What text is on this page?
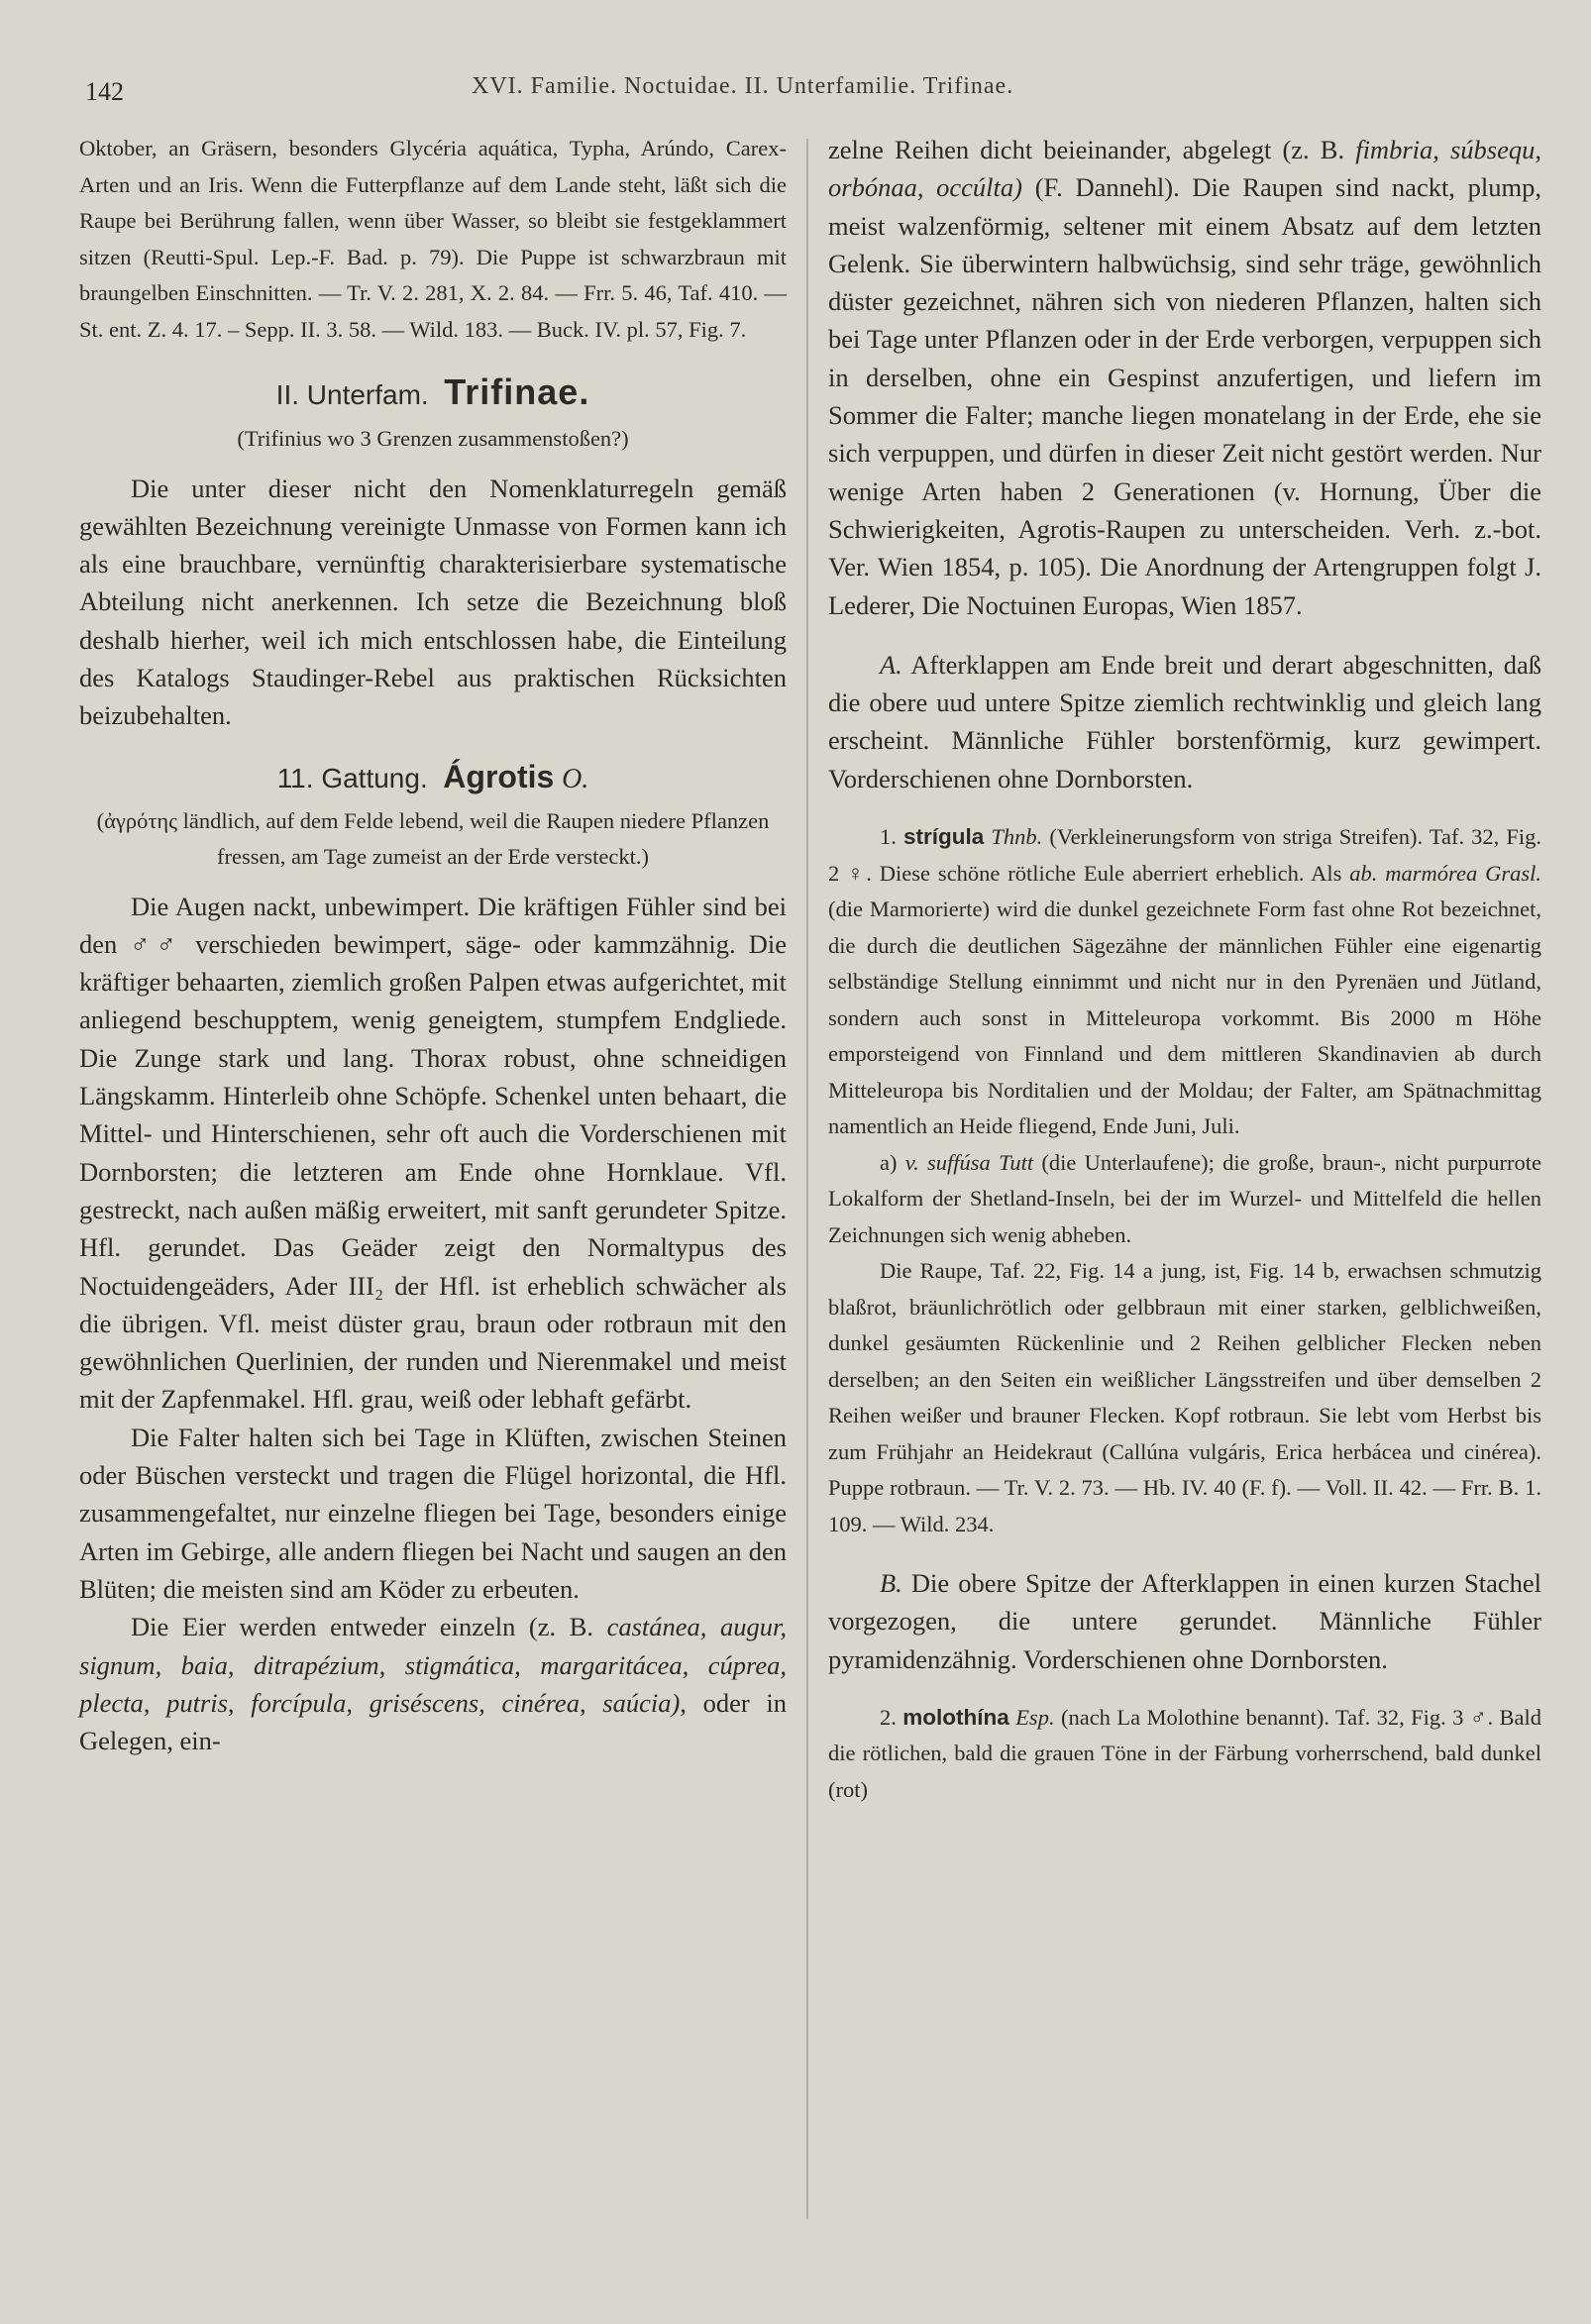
142	XVI. Familie. Noctuidae. II. Unterfamilie. Trifinae.

Oktober, an Gräsern, besonders Glycéria aquática, Typha, Arúndo, Carex-Arten und an Iris. Wenn die Futterpflanze auf dem Lande steht, läßt sich die Raupe bei Berührung fallen, wenn über Wasser, so bleibt sie festgeklammert sitzen (Reutti-Spul. Lep.-F. Bad. p. 79). Die Puppe ist schwarzbraun mit braungelben Einschnitten. — Tr. V. 2. 281, X. 2. 84. — Frr. 5. 46, Taf. 410. — St. ent. Z. 4. 17. – Sepp. II. 3. 58. — Wild. 183. — Buck. IV. pl. 57, Fig. 7.

II. Unterfam. Trifinae.

(Trifinius wo 3 Grenzen zusammenstoßen?)

Die unter dieser nicht den Nomenklaturregeln gemäß gewählten Bezeichnung vereinigte Unmasse von Formen kann ich als eine brauchbare, vernünftig charakterisierbare systematische Abteilung nicht anerkennen. Ich setze die Bezeichnung bloß deshalb hierher, weil ich mich entschlossen habe, die Einteilung des Katalogs Staudinger-Rebel aus praktischen Rücksichten beizubehalten.

11. Gattung. Ágrotis O.

(ἀγρότης ländlich, auf dem Felde lebend, weil die Raupen niedere Pflanzen fressen, am Tage zumeist an der Erde versteckt.)

Die Augen nackt, unbewimpert. Die kräftigen Fühler sind bei den ♂♂ verschieden bewimpert, säge- oder kammzähnig. Die kräftiger behaarten, ziemlich großen Palpen etwas aufgerichtet, mit anliegend beschupptem, wenig geneigtem, stumpfem Endgliede. Die Zunge stark und lang. Thorax robust, ohne schneidigen Längskamm. Hinterleib ohne Schöpfe. Schenkel unten behaart, die Mittel- und Hinterschienen, sehr oft auch die Vorderschienen mit Dornborsten; die letzteren am Ende ohne Hornklaue. Vfl. gestreckt, nach außen mäßig erweitert, mit sanft gerundeter Spitze. Hfl. gerundet. Das Geäder zeigt den Normaltypus des Noctuidengeäders, Ader III₂ der Hfl. ist erheblich schwächer als die übrigen. Vfl. meist düster grau, braun oder rotbraun mit den gewöhnlichen Querlinien, der runden und Nierenmakel und meist mit der Zapfenmakel. Hfl. grau, weiß oder lebhaft gefärbt.

Die Falter halten sich bei Tage in Klüften, zwischen Steinen oder Büschen versteckt und tragen die Flügel horizontal, die Hfl. zusammengefaltet, nur einzelne fliegen bei Tage, besonders einige Arten im Gebirge, alle andern fliegen bei Nacht und saugen an den Blüten; die meisten sind am Köder zu erbeuten.

Die Eier werden entweder einzeln (z. B. castánea, augur, signum, baia, ditrapézium, stigmática, margaritácea, cúprea, plecta, putris, forcípula, griséscens, cinérea, saúcia), oder in Gelegen, ein-

zelne Reihen dicht beieinander, abgelegt (z. B. fimbria, súbsequ, orbónaa, occúlta) (F. Dannehl). Die Raupen sind nackt, plump, meist walzenförmig, seltener mit einem Absatz auf dem letzten Gelenk. Sie überwintern halbwüchsig, sind sehr träge, gewöhnlich düster gezeichnet, nähren sich von niederen Pflanzen, halten sich bei Tage unter Pflanzen oder in der Erde verborgen, verpuppen sich in derselben, ohne ein Gespinst anzufertigen, und liefern im Sommer die Falter; manche liegen monatelang in der Erde, ehe sie sich verpuppen, und dürfen in dieser Zeit nicht gestört werden. Nur wenige Arten haben 2 Generationen (v. Hornung, Über die Schwierigkeiten, Agrotis-Raupen zu unterscheiden. Verh. z.-bot. Ver. Wien 1854, p. 105). Die Anordnung der Artengruppen folgt J. Lederer, Die Noctuinen Europas, Wien 1857.

A. Afterklappen am Ende breit und derart abgeschnitten, daß die obere uud untere Spitze ziemlich rechtwinklig und gleich lang erscheint. Männliche Fühler borstenförmig, kurz gewimpert. Vorderschienen ohne Dornborsten.

1. strígula Thnb. (Verkleinerungsform von striga Streifen). Taf. 32, Fig. 2 ♀. Diese schöne rötliche Eule aberriert erheblich. Als ab. marmórea Grasl. (die Marmorierte) wird die dunkel gezeichnete Form fast ohne Rot bezeichnet, die durch die deutlichen Sägezähne der männlichen Fühler eine eigenartig selbständige Stellung einnimmt und nicht nur in den Pyrenäen und Jütland, sondern auch sonst in Mitteleuropa vorkommt. Bis 2000 m Höhe emporsteigend von Finnland und dem mittleren Skandinavien ab durch Mitteleuropa bis Norditalien und der Moldau; der Falter, am Spätnachmittag namentlich an Heide fliegend, Ende Juni, Juli.

a) v. suffúsa Tutt (die Unterlaufene); die große, braun-, nicht purpurrote Lokalform der Shetland-Inseln, bei der im Wurzel- und Mittelfeld die hellen Zeichnungen sich wenig abheben.

Die Raupe, Taf. 22, Fig. 14 a jung, ist, Fig. 14 b, erwachsen schmutzig blaßrot, bräunlichrötlich oder gelbbraun mit einer starken, gelblichweißen, dunkel gesäumten Rückenlinie und 2 Reihen gelblicher Flecken neben derselben; an den Seiten ein weißlicher Längsstreifen und über demselben 2 Reihen weißer und brauner Flecken. Kopf rotbraun. Sie lebt vom Herbst bis zum Frühjahr an Heidekraut (Callúna vulgáris, Erica herbácea und cinérea). Puppe rotbraun. — Tr. V. 2. 73. — Hb. IV. 40 (F. f). — Voll. II. 42. — Frr. B. 1. 109. — Wild. 234.

B. Die obere Spitze der Afterklappen in einen kurzen Stachel vorgezogen, die untere gerundet. Männliche Fühler pyramidenzähnig. Vorderschienen ohne Dornborsten.

2. molothína Esp. (nach La Molothine benannt). Taf. 32, Fig. 3 ♂. Bald die rötlichen, bald die grauen Töne in der Färbung vorherrschend, bald dunkel (rot)
